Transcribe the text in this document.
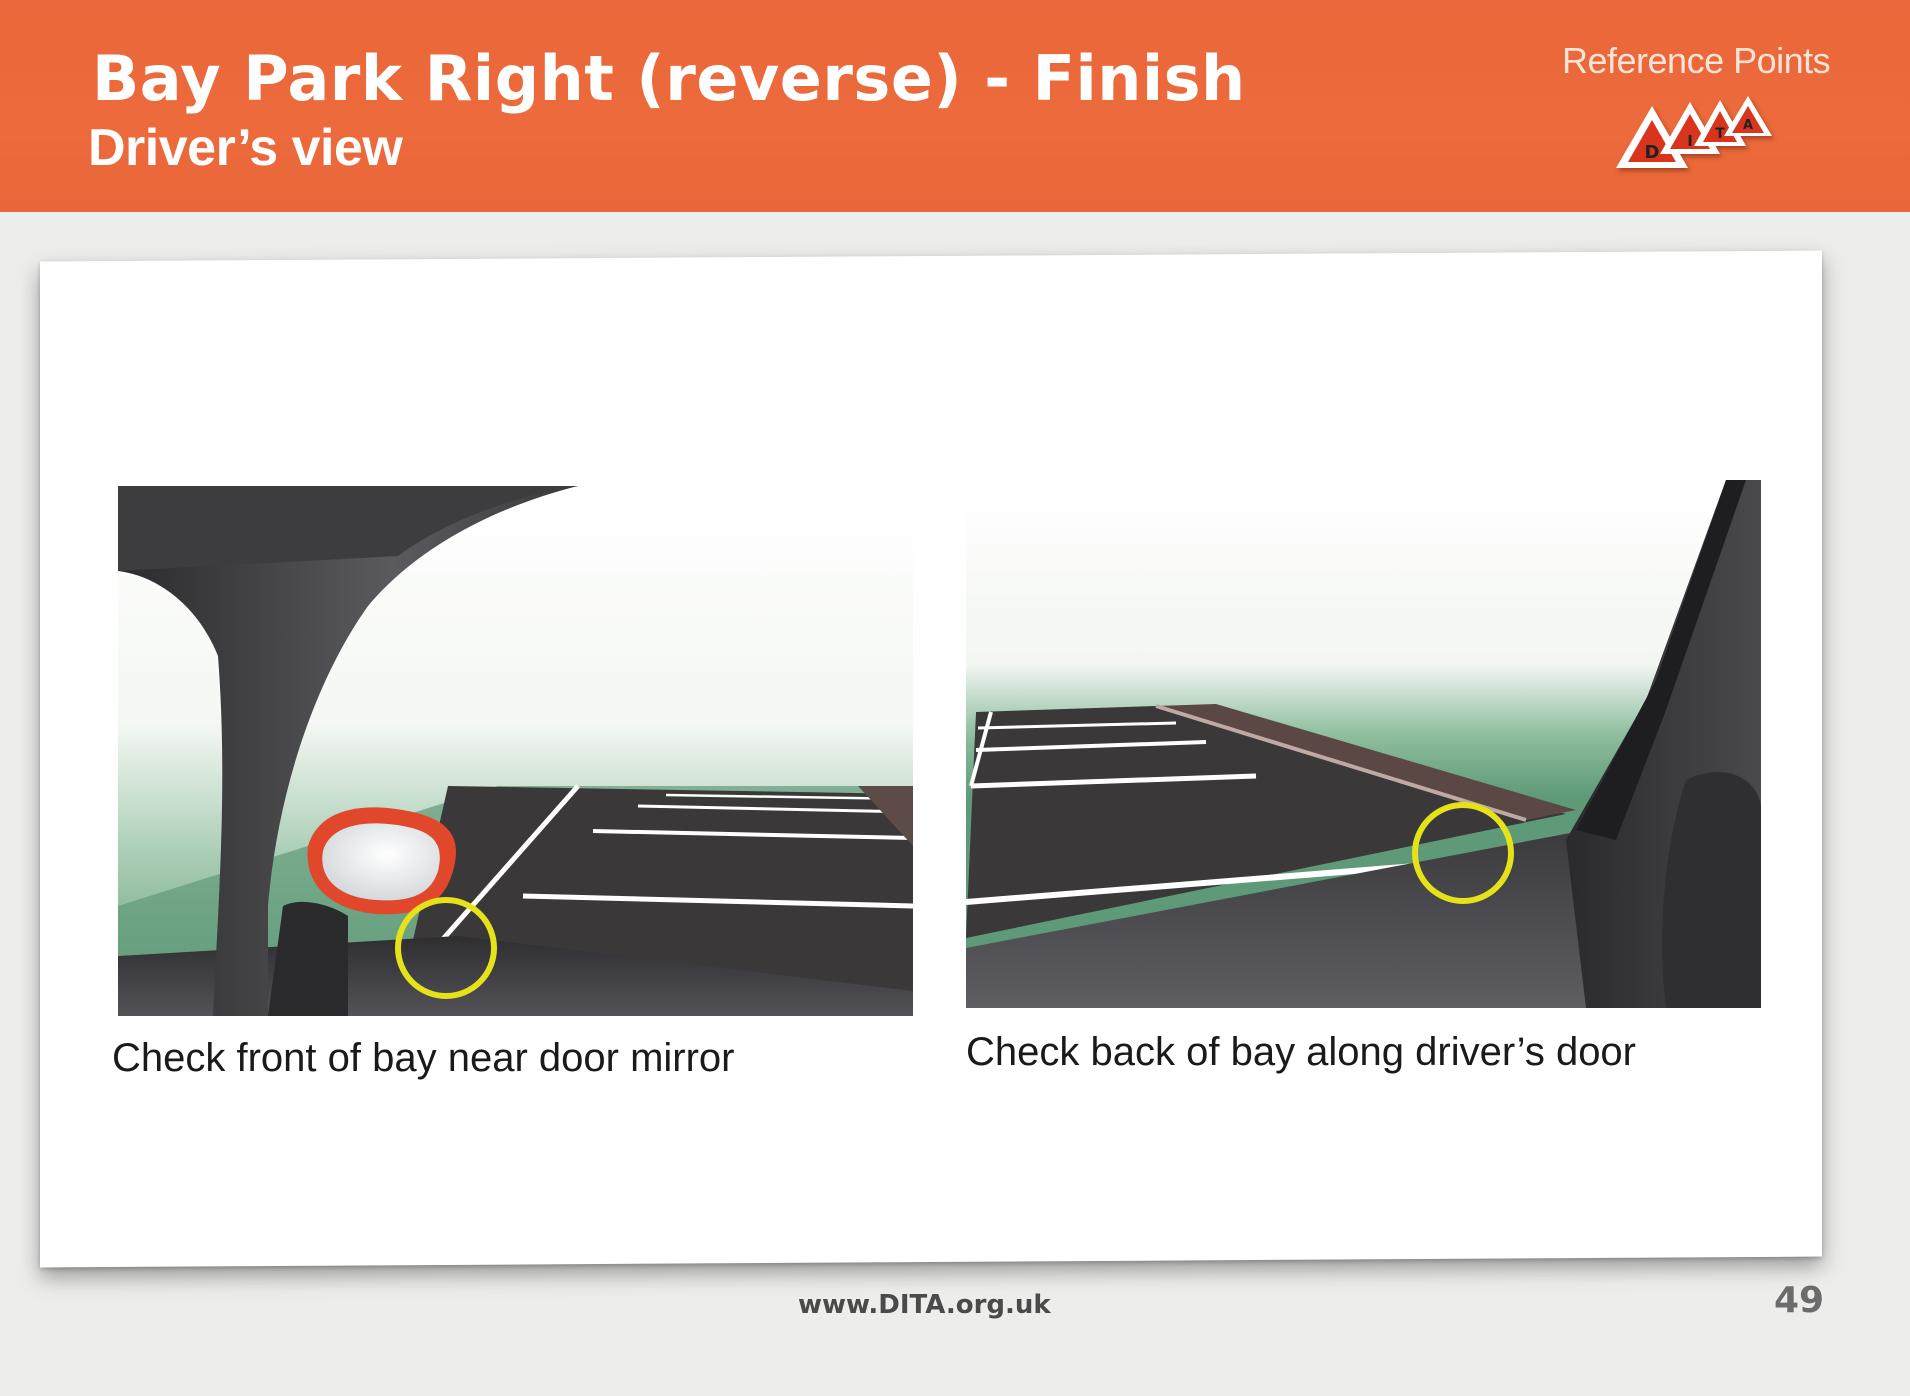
Bay Park Right (reverse) - Finish
Driver’s view
Reference Points
D
I T
A
Check front of bay near door mirror	Check back of bay along driver’s door
www.DITA.org.uk	49
